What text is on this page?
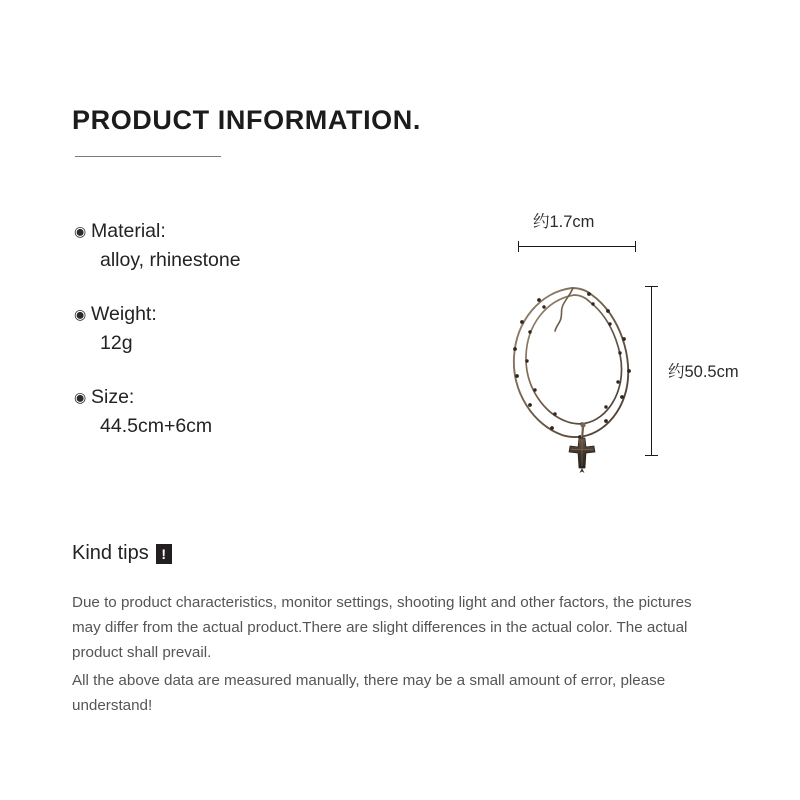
PRODUCT INFORMATION.
◉ Material:
alloy, rhinestone
◉ Weight:
12g
◉ Size:
44.5cm+6cm
约1.7cm
约50.5cm
Kind tips !
Due to product characteristics, monitor settings, shooting light and other factors, the pictures may differ from the actual product.There are slight differences in the actual color. The actual product shall prevail.
All the above data are measured manually, there may be a small amount of error, please understand!
